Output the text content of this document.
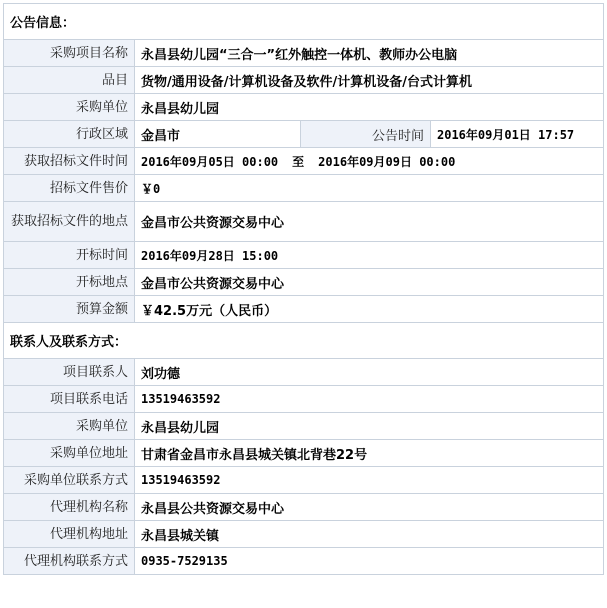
公告信息：			
采购项目名称	永昌县幼儿园“三合一”红外触控一体机、教师办公电脑		
品目	货物/通用设备/计算机设备及软件/计算机设备/台式计算机		
采购单位	永昌县幼儿园		
行政区域	金昌市	公告时间	2016年09月01日 17:57
获取招标文件时间	2016年09月05日 00:00 至 2016年09月09日 00:00		
招标文件售价	￥0		
获取招标文件的地点	金昌市公共资源交易中心		
开标时间	2016年09月28日 15:00		
开标地点	金昌市公共资源交易中心		
预算金额	￥42.5万元（人民币）		
联系人及联系方式：			
项目联系人	刘功德		
项目联系电话	13519463592		
采购单位	永昌县幼儿园		
采购单位地址	甘肃省金昌市永昌县城关镇北背巷22号		
采购单位联系方式	13519463592		
代理机构名称	永昌县公共资源交易中心		
代理机构地址	永昌县城关镇		
代理机构联系方式	0935-7529135		
